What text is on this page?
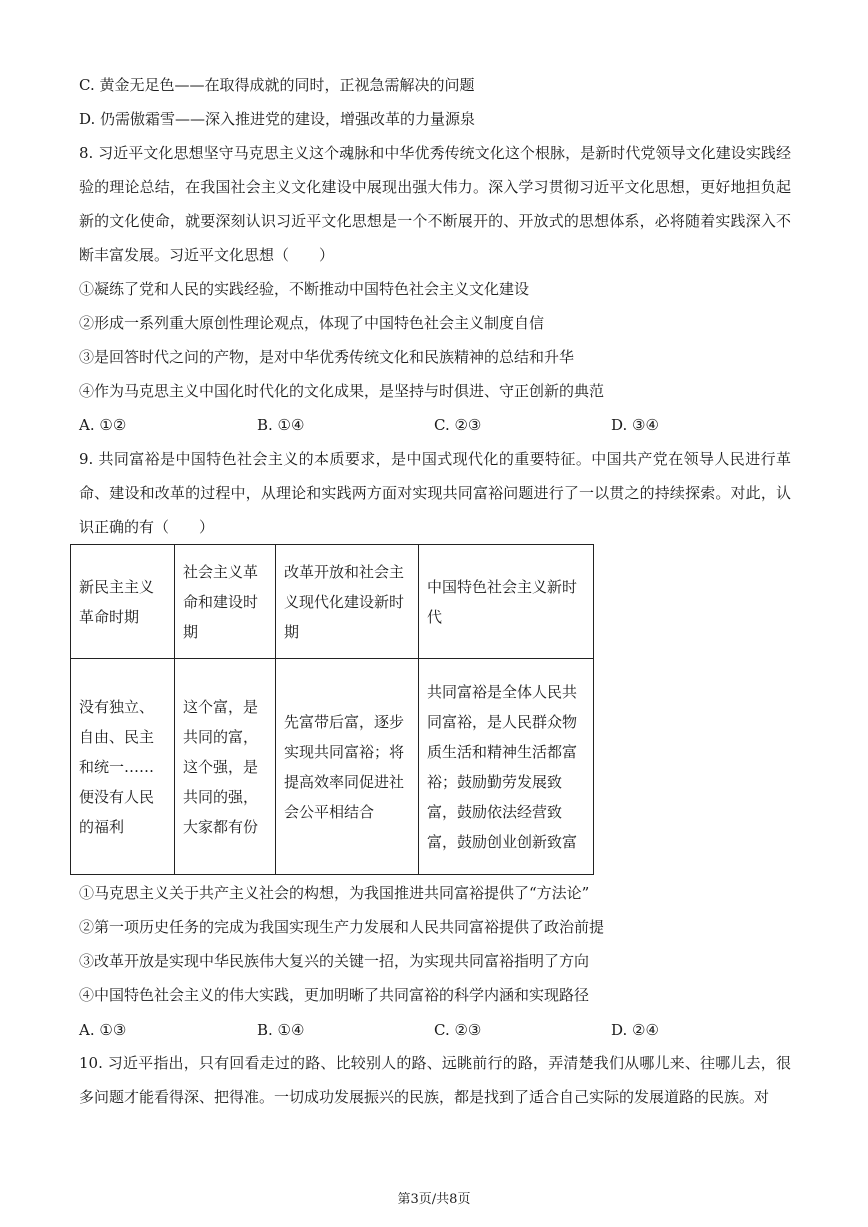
C. 黄金无足色——在取得成就的同时，正视急需解决的问题
D. 仍需傲霜雪——深入推进党的建设，增强改革的力量源泉
8. 习近平文化思想坚守马克思主义这个魂脉和中华优秀传统文化这个根脉，是新时代党领导文化建设实践经验的理论总结，在我国社会主义文化建设中展现出强大伟力。深入学习贯彻习近平文化思想，更好地担负起新的文化使命，就要深刻认识习近平文化思想是一个不断展开的、开放式的思想体系，必将随着实践深入不断丰富发展。习近平文化思想（　　）
①凝练了党和人民的实践经验，不断推动中国特色社会主义文化建设
②形成一系列重大原创性理论观点，体现了中国特色社会主义制度自信
③是回答时代之问的产物，是对中华优秀传统文化和民族精神的总结和升华
④作为马克思主义中国化时代化的文化成果，是坚持与时俱进、守正创新的典范
A. ①②	B. ①④	C. ②③	D. ③④
9. 共同富裕是中国特色社会主义的本质要求，是中国式现代化的重要特征。中国共产党在领导人民进行革命、建设和改革的过程中，从理论和实践两方面对实现共同富裕问题进行了一以贯之的持续探索。对此，认识正确的有（　　）
新民主主义革命时期	社会主义革命和建设时期	改革开放和社会主义现代化建设新时期	中国特色社会主义新时代
没有独立、自由、民主和统一……便没有人民的福利	这个富，是共同的富，这个强，是共同的强，大家都有份	先富带后富，逐步实现共同富裕；将提高效率同促进社会公平相结合	共同富裕是全体人民共同富裕，是人民群众物质生活和精神生活都富裕；鼓励勤劳发展致富，鼓励依法经营致富，鼓励创业创新致富
①马克思主义关于共产主义社会的构想，为我国推进共同富裕提供了“方法论”
②第一项历史任务的完成为我国实现生产力发展和人民共同富裕提供了政治前提
③改革开放是实现中华民族伟大复兴的关键一招，为实现共同富裕指明了方向
④中国特色社会主义的伟大实践，更加明晰了共同富裕的科学内涵和实现路径
A. ①③	B. ①④	C. ②③	D. ②④
10. 习近平指出，只有回看走过的路、比较别人的路、远眺前行的路，弄清楚我们从哪儿来、往哪儿去，很多问题才能看得深、把得准。一切成功发展振兴的民族，都是找到了适合自己实际的发展道路的民族。对
第3页/共8页
